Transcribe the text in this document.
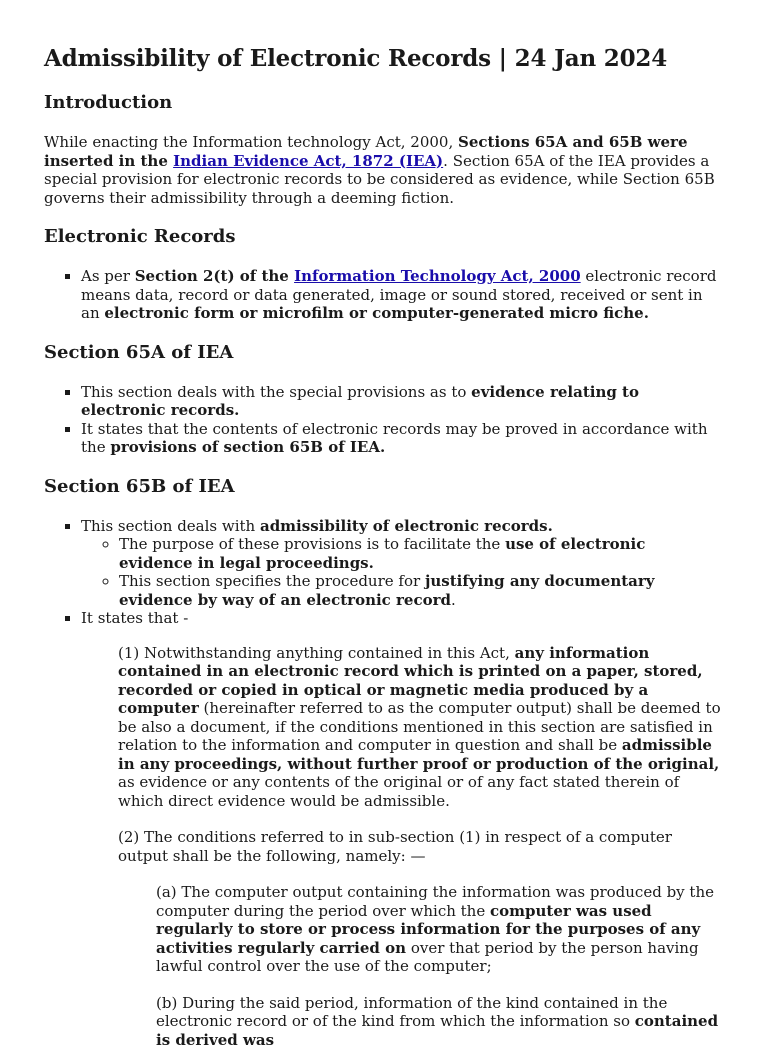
Admissibility of Electronic Records | 24 Jan 2024
Introduction

While enacting the Information technology Act, 2000, Sections 65A and 65B were inserted in the Indian Evidence Act, 1872 (IEA). Section 65A of the IEA provides a special provision for electronic records to be considered as evidence, while Section 65B governs their admissibility through a deeming fiction.

Electronic Records
▪ As per Section 2(t) of the Information Technology Act, 2000 electronic record means data, record or data generated, image or sound stored, received or sent in an electronic form or microfilm or computer-generated micro fiche.
Section 65A of IEA
▪ This section deals with the special provisions as to evidence relating to electronic records.
▪ It states that the contents of electronic records may be proved in accordance with the provisions of section 65B of IEA.
Section 65B of IEA
▪ This section deals with admissibility of electronic records.
◦ The purpose of these provisions is to facilitate the use of electronic evidence in legal proceedings.
◦ This section specifies the procedure for justifying any documentary evidence by way of an electronic record.
▪ It states that -

(1) Notwithstanding anything contained in this Act, any information contained in an electronic record which is printed on a paper, stored, recorded or copied in optical or magnetic media produced by a computer (hereinafter referred to as the computer output) shall be deemed to be also a document, if the conditions mentioned in this section are satisfied in relation to the information and computer in question and shall be admissible in any proceedings, without further proof or production of the original, as evidence or any contents of the original or of any fact stated therein of which direct evidence would be admissible.

(2) The conditions referred to in sub-section (1) in respect of a computer output shall be the following, namely: —

(a) The computer output containing the information was produced by the computer during the period over which the computer was used regularly to store or process information for the purposes of any activities regularly carried on over that period by the person having lawful control over the use of the computer;

(b) During the said period, information of the kind contained in the electronic record or of the kind from which the information so contained is derived was
